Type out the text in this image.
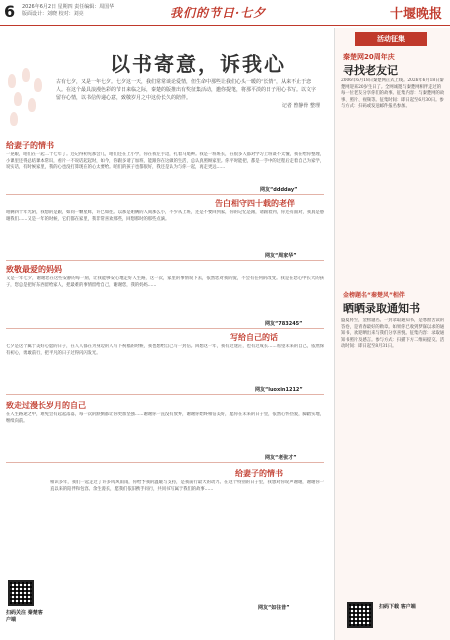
6 2026年6月2日 星期四 责任编辑：周国华 版面设计：刘晓 校对：刘亮	我们的节日·七夕	十堰晚报
以书寄意，诉我心
古有七夕，又是一年七夕。七夕这一天，我们常常谈论爱情，但生命中那些让我们心头一暖的“长情”，从来不止于恋人。在这个最具浪漫色彩的节日来临之际，秦楚的版推出有奖征集活动，邀你提笔，将那平淡的日子用心书写。以文字留存心情，以书信传递心意，致敬岁月之中这份长久的陪伴。
记者 曾静骨 整理
给妻子的情书
一晃眼，咱们在一起二十七年了。还记得初见那会儿，咱们还在上小学，你在我左手边，扎着马尾辫。我是一班班长，在很多人都对学习上班谈不太懂，我在给你整理，小课里还得总结课本常识，看片一不说话起起时，如今，你跟多请了加班，能跟你在这做的生活，总认真照顾家里。你平时能把，都是一手中的过程后走着自己为家学，说实话，有时候家里，我的心也没打算现在的心太要给。咱们的孩子也都很好，我还是认为与你一起，再走更远……
网友“dddday”
告白相守四十载的老伴
咱俩四十年光阴，我想的是跟，如同一颗星辉，许已如往。以那是咱俩的人间那么小，不少从上班，还是不要回到家，你的记忆是跟，请跟着到，你还有面对，我真是感谢我们……又是一年的时候，它们都在家里，我非常喜欢那些，回想那时的那些点滴。
网友“周家华”
致敬最爱的妈妈
又是一年七夕，谢谢您在这些安静的每一刻，让我能够安心地走好人生路，这一次，家里的事情说下去，依然您对我的爱，不会有任何的改变。我是在您心中长大的孩子，您总是把好东西留给家人，把最难的事情留给自己，谢谢您，我的妈妈……
网友“783245”
写给自己的话
七夕是这个属于美好心愿的日子，在人人都在为身边的人写下祝福的时候，我也想给自己写一封信。回想这一年，我有过迷茫，也有过成长……希望未来的自己，依然保有初心，勇敢前行，把平凡的日子过得闪闪发光。
网友“luoxin1212”
致走过漫长岁月的自己
在人生路途之中，难免会有起起落落，每一次的跌倒都让你更加坚强……谢谢你一直没有放弃，谢谢你始终相信美好，愿你在未来的日子里，依然心怀热爱，脚踏实地，继续向前。
网友“老张才”
给妻子的情书
相识多年，我们一起走过了许多风风雨雨，你给予我的温暖与支持，是我前行最大的动力。在这个特别的日子里，我想对你说声谢谢，谢谢你一直以来的陪伴和包容。余生漫长，愿我们依旧携手同行，共同书写属于我们的故事……
网友“如往昔”
扫码关注 秦楚客户端
活动征集
秦楚网20周年庆
寻找老友记
2006年6月18日秦楚网正式上线。2026年6月18日秦楚网迎来20岁生日了。全网诚邀与秦楚网相伴走过的每一位老友分享你们的故事。征集内容：与秦楚网的故事、照片、视频等。征集时间：即日起至6月30日。参与方式：扫码或发送邮件报名参加。
金榜题名“秦楚风”相伴
晒晒录取通知书
盛夏将至，金榜题名。一封录取通知书，是寒窗苦读的答卷，是青春最好的勋章。如果你已收到梦寐以求的通知书，欢迎晒出来与我们分享喜悦。征集内容：录取通知书照片及感言。参与方式：扫描下方二维码提交。活动时间：即日起至8月31日。
扫码下载 客户端
